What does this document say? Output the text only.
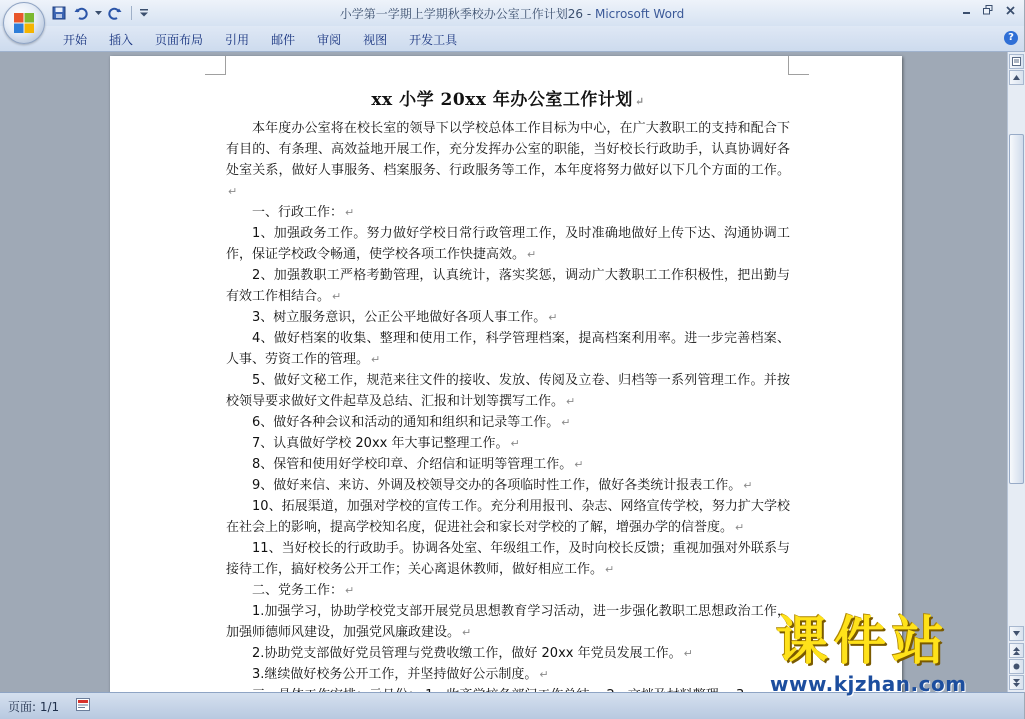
小学第一学期上学期秋季校办公室工作计划26 - Microsoft Word
开始	插入	页面布局	引用	邮件	审阅	视图	开发工具	?
xx 小学 20xx 年办公室工作计划 ↵

本年度办公室将在校长室的领导下以学校总体工作目标为中心，在广大教职工的支持和配合下有目的、有条理、高效益地开展工作，充分发挥办公室的职能，当好校长行政助手，认真协调好各处室关系，做好人事服务、档案服务、行政服务等工作，本年度将努力做好以下几个方面的工作。↵

一、行政工作： ↵

1、加强政务工作。努力做好学校日常行政管理工作，及时准确地做好上传下达、沟通协调工作，保证学校政令畅通，使学校各项工作快捷高效。 ↵

2、加强教职工严格考勤管理，认真统计，落实奖惩，调动广大教职工工作积极性，把出勤与有效工作相结合。 ↵

3、树立服务意识，公正公平地做好各项人事工作。 ↵

4、做好档案的收集、整理和使用工作，科学管理档案，提高档案利用率。进一步完善档案、人事、劳资工作的管理。 ↵

5、做好文秘工作，规范来往文件的接收、发放、传阅及立卷、归档等一系列管理工作。并按校领导要求做好文件起草及总结、汇报和计划等撰写工作。 ↵

6、做好各种会议和活动的通知和组织和记录等工作。 ↵

7、认真做好学校 20xx 年大事记整理工作。 ↵

8、保管和使用好学校印章、介绍信和证明等管理工作。 ↵

9、做好来信、来访、外调及校领导交办的各项临时性工作，做好各类统计报表工作。 ↵

10、拓展渠道，加强对学校的宣传工作。充分利用报刊、杂志、网络宣传学校，努力扩大学校在社会上的影响，提高学校知名度，促进社会和家长对学校的了解，增强办学的信誉度。 ↵

11、当好校长的行政助手。协调各处室、年级组工作，及时向校长反馈；重视加强对外联系与接待工作，搞好校务公开工作；关心离退休教师，做好相应工作。 ↵

二、党务工作： ↵

1.加强学习，协助学校党支部开展党员思想教育学习活动，进一步强化教职工思想政治工作，加强师德师风建设，加强党风廉政建设。 ↵

2.协助党支部做好党员管理与党费收缴工作，做好 20xx 年党员发展工作。 ↵

3.继续做好校务公开工作，并坚持做好公示制度。 ↵

页面: 1/1
课件站
www.kjzhan.com
